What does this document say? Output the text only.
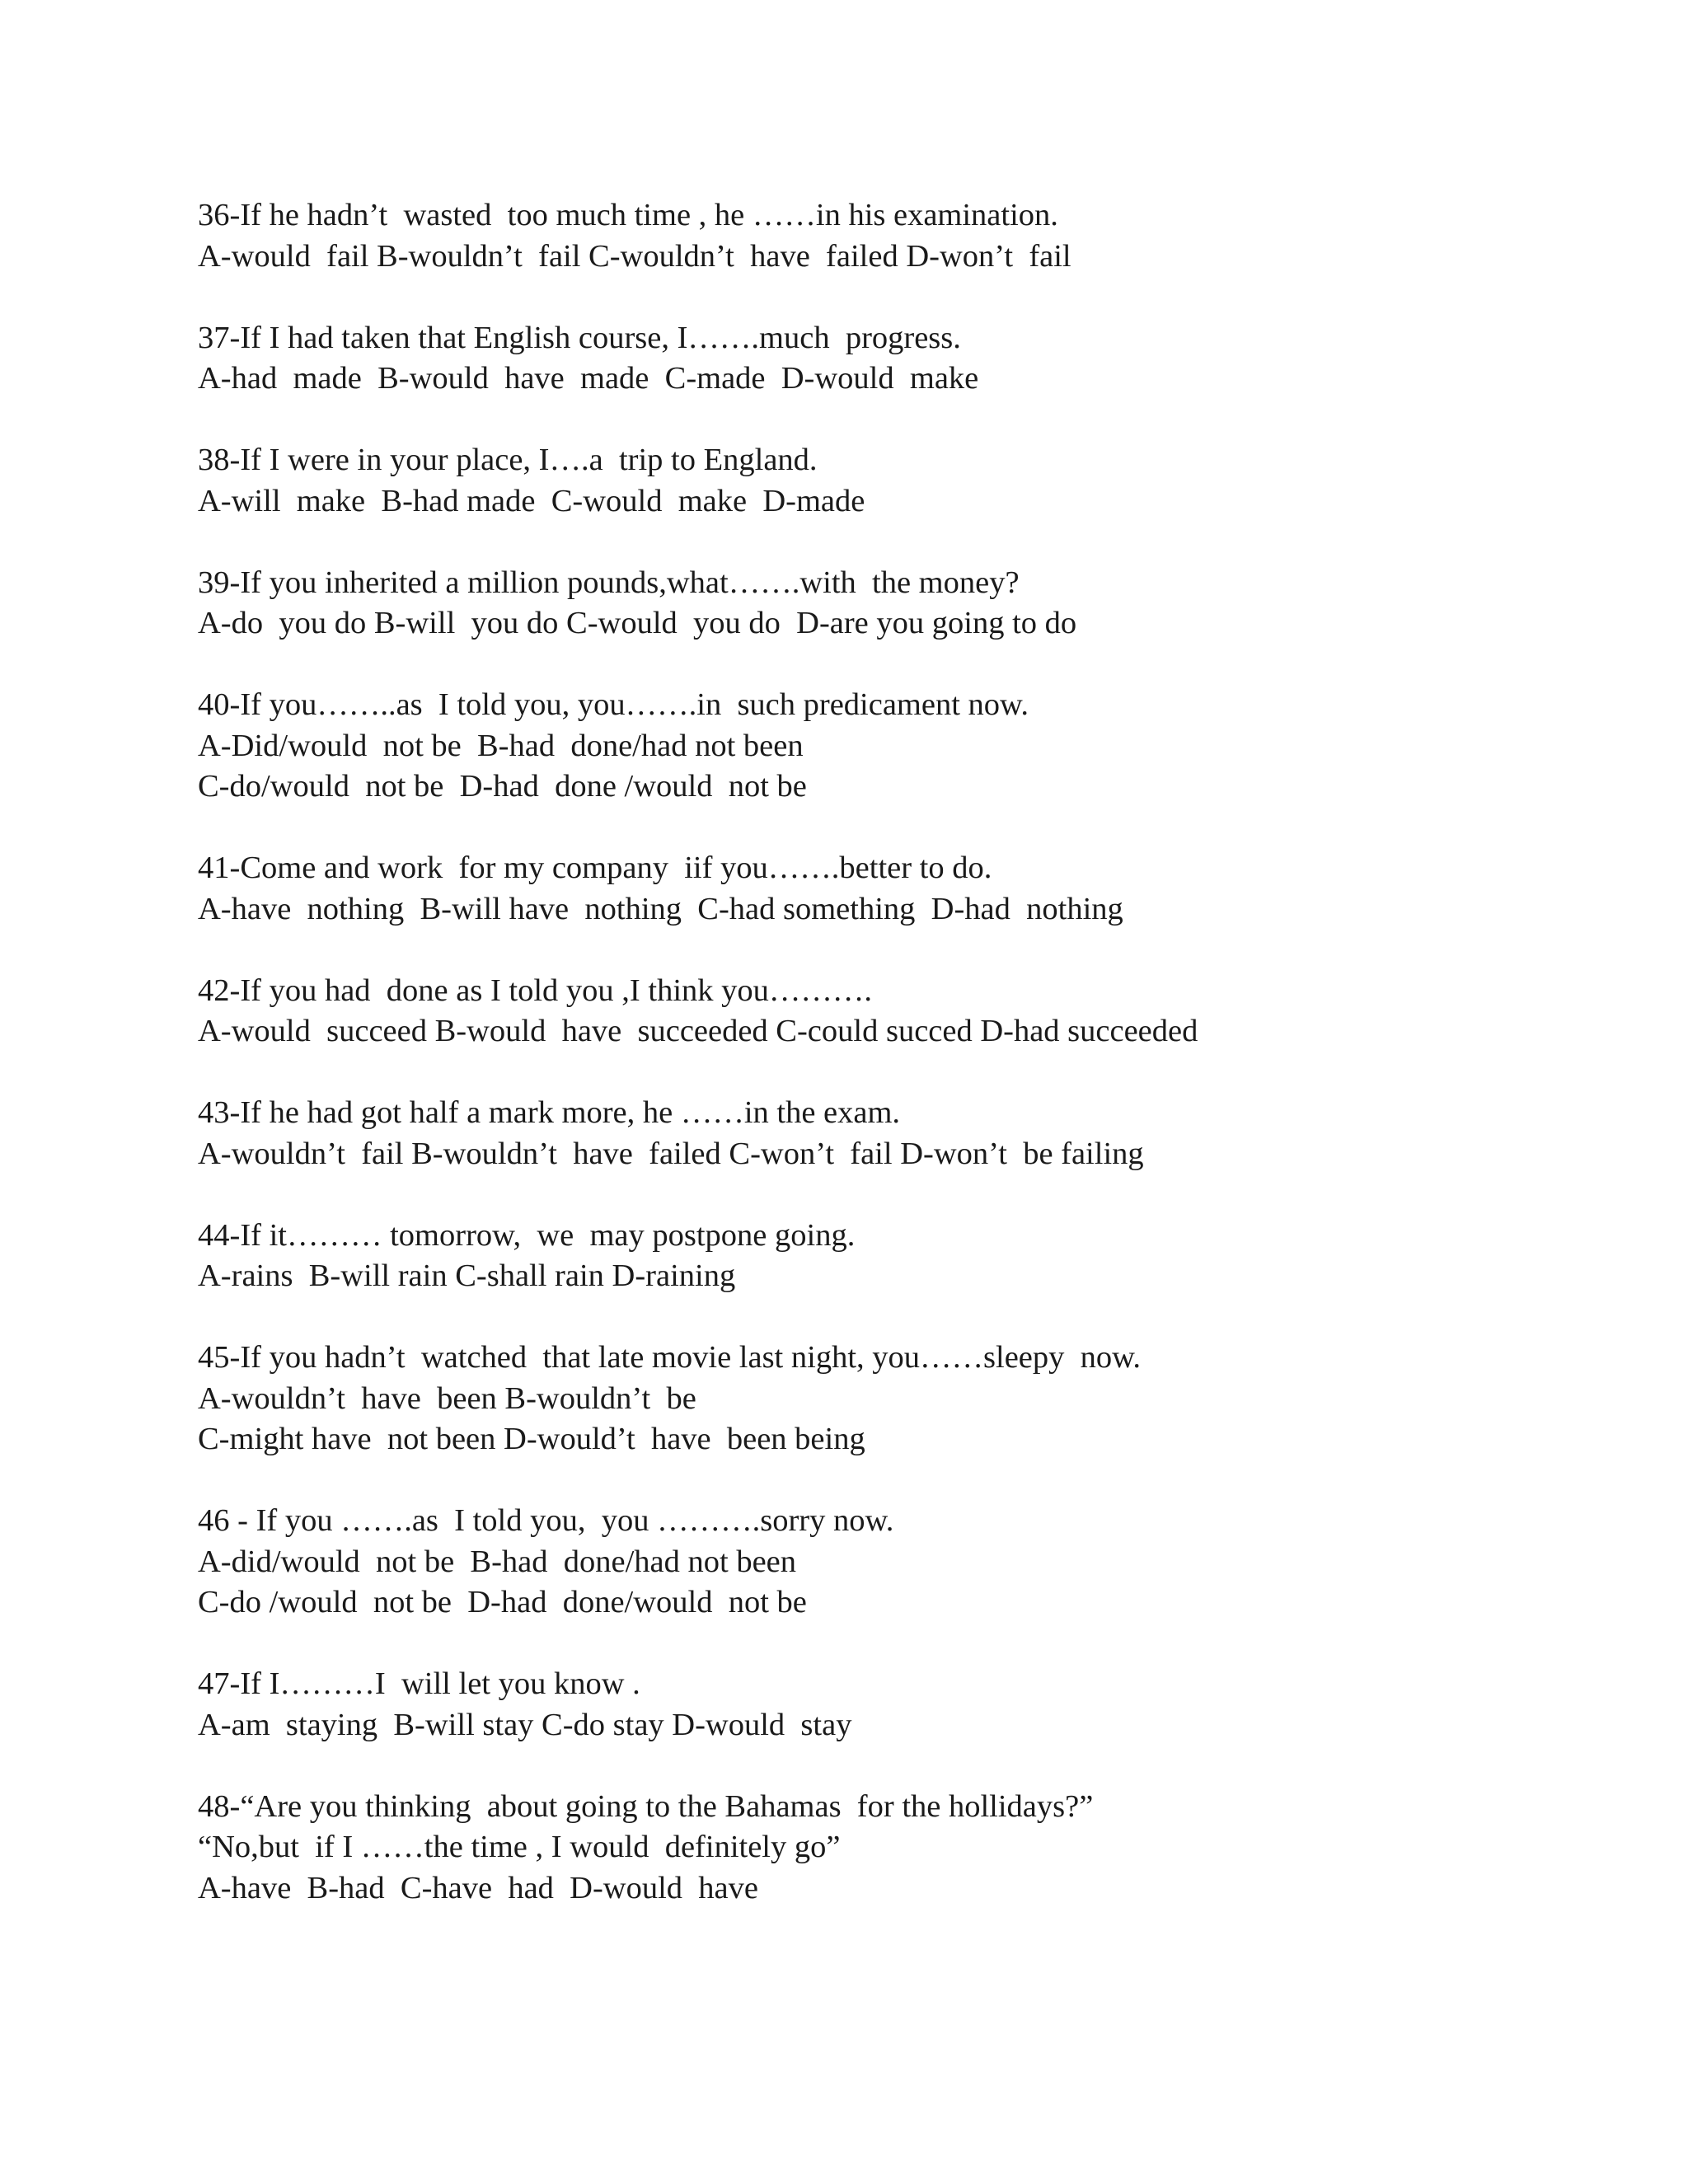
36-If he hadn’t  wasted  too much time , he ……in his examination.
A-would  fail B-wouldn’t  fail C-wouldn’t  have  failed D-won’t  fail
37-If I had taken that English course, I…….much  progress.
A-had  made  B-would  have  made  C-made  D-would  make
38-If I were in your place, I….a  trip to England.
A-will  make  B-had made  C-would  make  D-made
39-If you inherited a million pounds,what…….with  the money?
A-do  you do B-will  you do C-would  you do  D-are you going to do
40-If you……..as  I told you, you…….in  such predicament now.
A-Did/would  not be  B-had  done/had not been
C-do/would  not be  D-had  done /would  not be
41-Come and work  for my company  iif you…….better to do.
A-have  nothing  B-will have  nothing  C-had something  D-had  nothing
42-If you had  done as I told you ,I think you……….
A-would  succeed B-would  have  succeeded C-could succed D-had succeeded
43-If he had got half a mark more, he ……in the exam.
A-wouldn’t  fail B-wouldn’t  have  failed C-won’t  fail D-won’t  be failing
44-If it……… tomorrow,  we  may postpone going.
A-rains  B-will rain C-shall rain D-raining
45-If you hadn’t  watched  that late movie last night, you……sleepy  now.
A-wouldn’t  have  been B-wouldn’t  be
C-might have  not been D-would’t  have  been being
46 - If you …….as  I told you,  you ……….sorry now.
A-did/would  not be  B-had  done/had not been
C-do /would  not be  D-had  done/would  not be
47-If I………I  will let you know .
A-am  staying  B-will stay C-do stay D-would  stay
48-“Are you thinking  about going to the Bahamas  for the hollidays?”
“No,but  if I ……the time , I would  definitely go”
A-have  B-had  C-have  had  D-would  have
